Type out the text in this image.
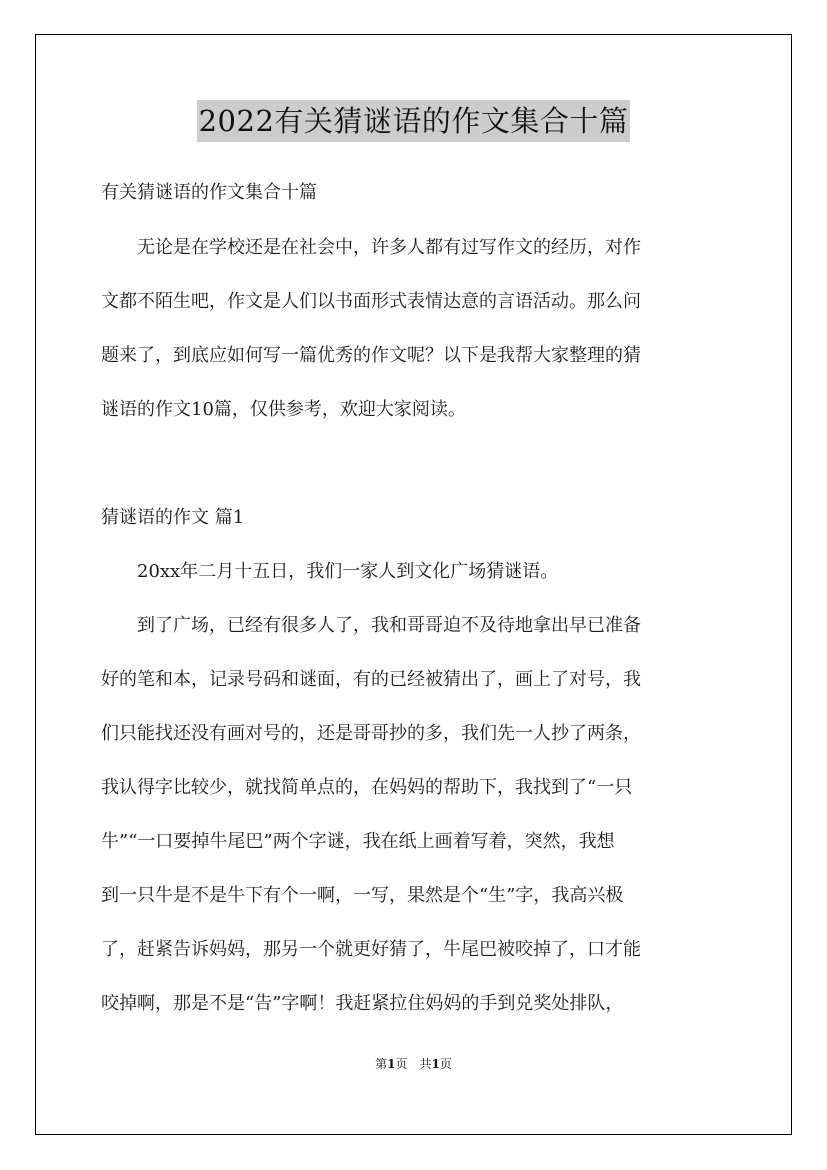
2022有关猜谜语的作文集合十篇
有关猜谜语的作文集合十篇
　　无论是在学校还是在社会中，许多人都有过写作文的经历，对作
文都不陌生吧，作文是人们以书面形式表情达意的言语活动。那么问
题来了，到底应如何写一篇优秀的作文呢？以下是我帮大家整理的猜
谜语的作文10篇，仅供参考，欢迎大家阅读。
猜谜语的作文 篇1
　　20xx年二月十五日，我们一家人到文化广场猜谜语。
　　到了广场，已经有很多人了，我和哥哥迫不及待地拿出早已准备
好的笔和本，记录号码和谜面，有的已经被猜出了，画上了对号，我
们只能找还没有画对号的，还是哥哥抄的多，我们先一人抄了两条，
我认得字比较少，就找简单点的，在妈妈的帮助下，我找到了“一只
牛”“一口要掉牛尾巴”两个字谜，我在纸上画着写着，突然，我想
到一只牛是不是牛下有个一啊，一写，果然是个“生”字，我高兴极
了，赶紧告诉妈妈，那另一个就更好猜了，牛尾巴被咬掉了，口才能
咬掉啊，那是不是“告”字啊！我赶紧拉住妈妈的手到兑奖处排队，
第1页　共1页
